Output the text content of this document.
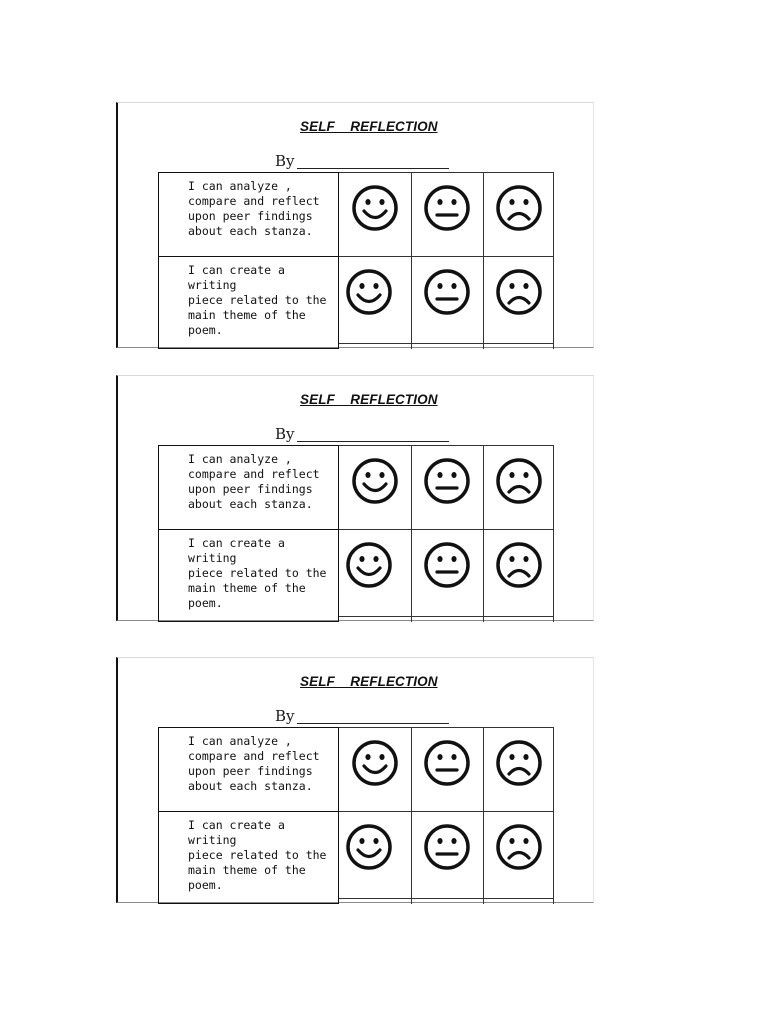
SELF    REFLECTION
By
I can analyze ,
compare and reflect
upon peer findings
about each stanza.
I can create a writing
piece related to the
main theme of the
poem.
SELF    REFLECTION
By
I can analyze ,
compare and reflect
upon peer findings
about each stanza.
I can create a writing
piece related to the
main theme of the
poem.
SELF    REFLECTION
By
I can analyze ,
compare and reflect
upon peer findings
about each stanza.
I can create a writing
piece related to the
main theme of the
poem.
